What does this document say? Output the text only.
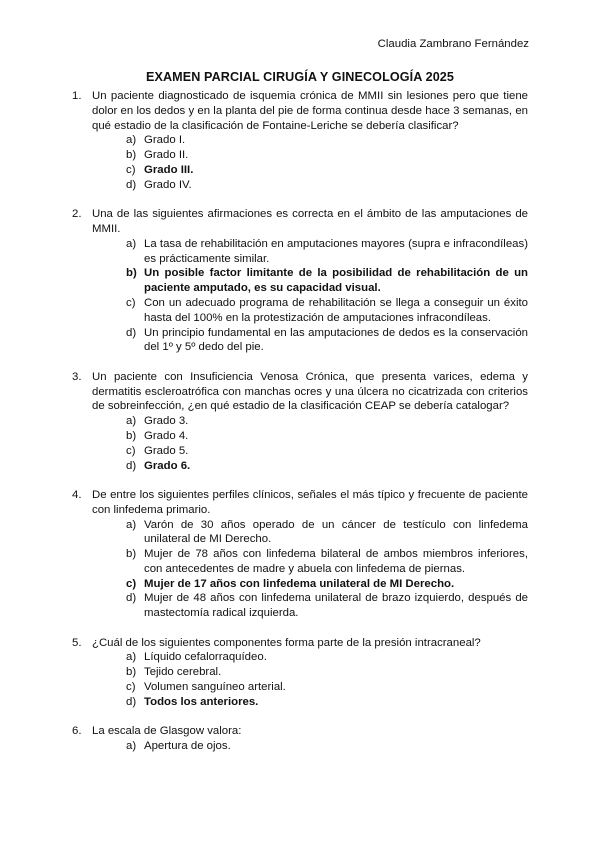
Claudia Zambrano Fernández
EXAMEN PARCIAL CIRUGÍA Y GINECOLOGÍA 2025
1. Un paciente diagnosticado de isquemia crónica de MMII sin lesiones pero que tiene dolor en los dedos y en la planta del pie de forma continua desde hace 3 semanas, en qué estadio de la clasificación de Fontaine-Leriche se debería clasificar?
a) Grado I.
b) Grado II.
c) Grado III.
d) Grado IV.
2. Una de las siguientes afirmaciones es correcta en el ámbito de las amputaciones de MMII.
a) La tasa de rehabilitación en amputaciones mayores (supra e infracondíleas) es prácticamente similar.
b) Un posible factor limitante de la posibilidad de rehabilitación de un paciente amputado, es su capacidad visual.
c) Con un adecuado programa de rehabilitación se llega a conseguir un éxito hasta del 100% en la protestización de amputaciones infracondíleas.
d) Un principio fundamental en las amputaciones de dedos es la conservación del 1º y 5º dedo del pie.
3. Un paciente con Insuficiencia Venosa Crónica, que presenta varices, edema y dermatitis escleroatrófica con manchas ocres y una úlcera no cicatrizada con criterios de sobreinfección, ¿en qué estadio de la clasificación CEAP se debería catalogar?
a) Grado 3.
b) Grado 4.
c) Grado 5.
d) Grado 6.
4. De entre los siguientes perfiles clínicos, señales el más típico y frecuente de paciente con linfedema primario.
a) Varón de 30 años operado de un cáncer de testículo con linfedema unilateral de MI Derecho.
b) Mujer de 78 años con linfedema bilateral de ambos miembros inferiores, con antecedentes de madre y abuela con linfedema de piernas.
c) Mujer de 17 años con linfedema unilateral de MI Derecho.
d) Mujer de 48 años con linfedema unilateral de brazo izquierdo, después de mastectomía radical izquierda.
5. ¿Cuál de los siguientes componentes forma parte de la presión intracraneal?
a) Líquido cefalorraquídeo.
b) Tejido cerebral.
c) Volumen sanguíneo arterial.
d) Todos los anteriores.
6. La escala de Glasgow valora:
a) Apertura de ojos.
